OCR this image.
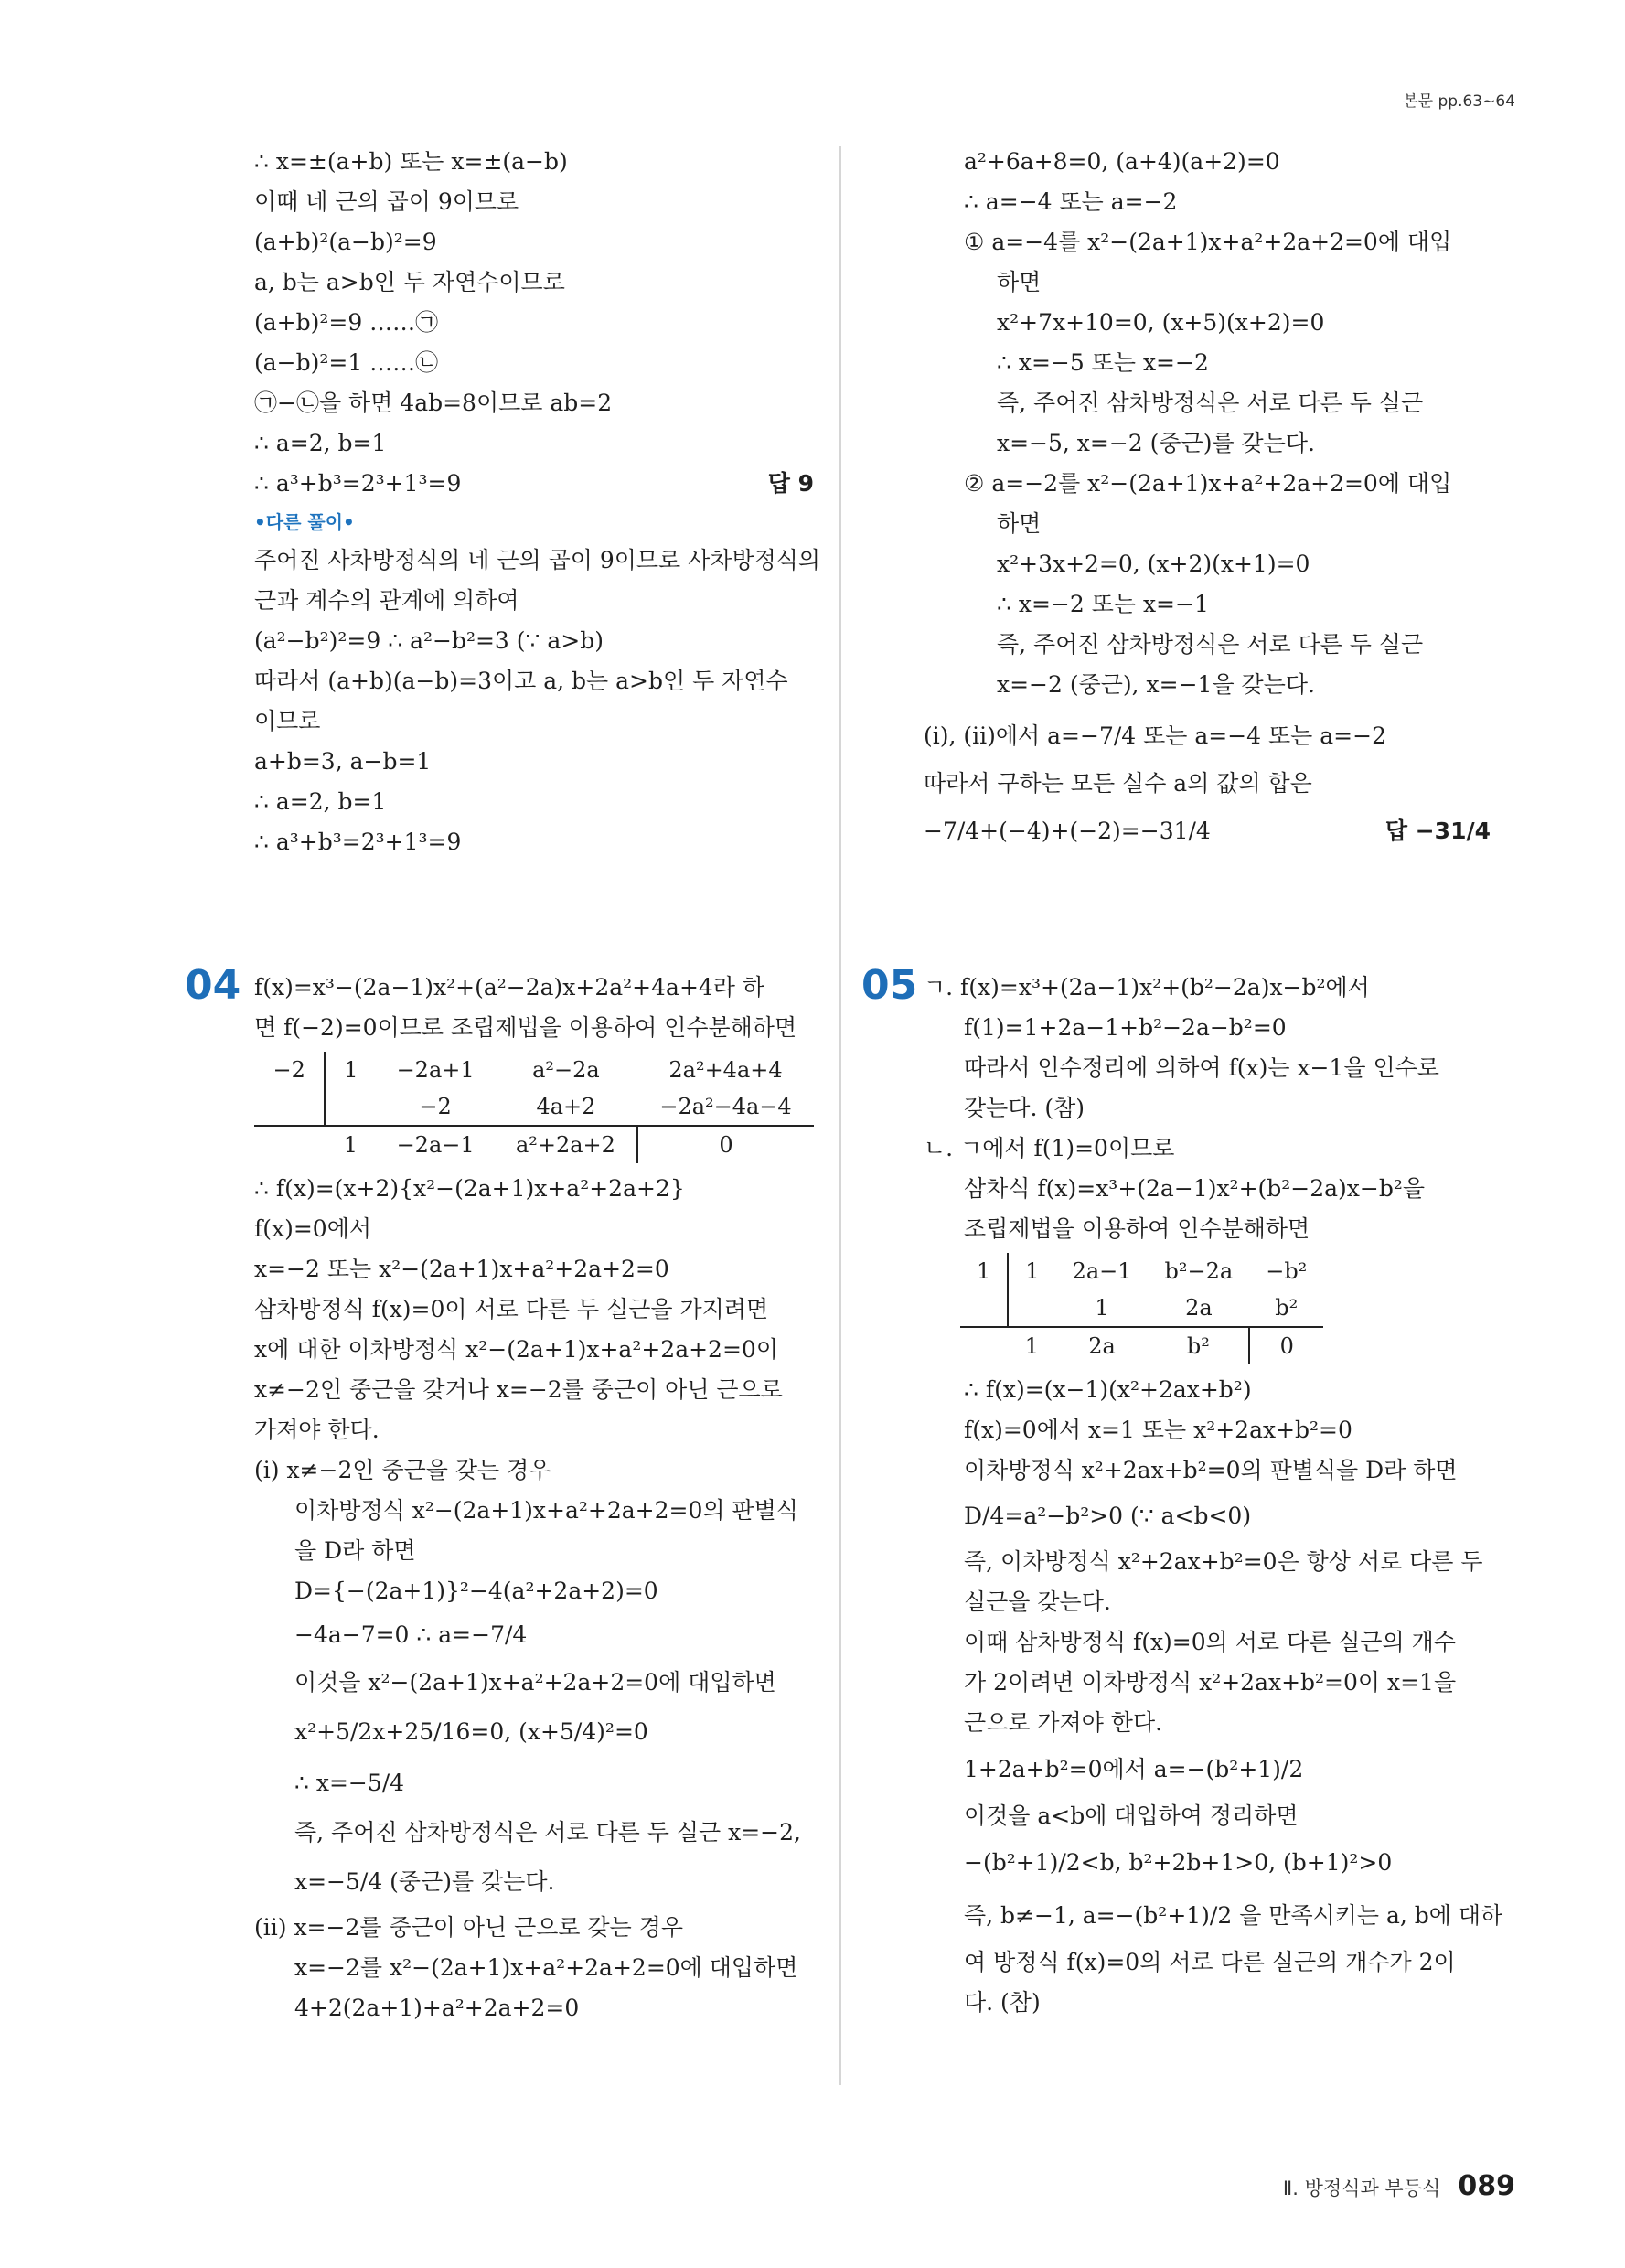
본문 pp.63~64
∴ x=±(a+b) 또는 x=±(a−b)
이때 네 근의 곱이 9이므로
(a+b)²(a−b)²=9
a, b는 a>b인 두 자연수이므로
(a+b)²=9 ……㉠
(a−b)²=1 ……㉡
㉠−㉡을 하면 4ab=8이므로 ab=2
∴ a=2, b=1
∴ a³+b³=2³+1³=9	답 9
•다른 풀이•
주어진 사차방정식의 네 근의 곱이 9이므로 사차방정식의
근과 계수의 관계에 의하여
(a²−b²)²=9 ∴ a²−b²=3 (∵ a>b)
따라서 (a+b)(a−b)=3이고 a, b는 a>b인 두 자연수
이므로
a+b=3, a−b=1
∴ a=2, b=1
∴ a³+b³=2³+1³=9
a²+6a+8=0, (a+4)(a+2)=0
∴ a=−4 또는 a=−2
① a=−4를 x²−(2a+1)x+a²+2a+2=0에 대입
하면
x²+7x+10=0, (x+5)(x+2)=0
∴ x=−5 또는 x=−2
즉, 주어진 삼차방정식은 서로 다른 두 실근
x=−5, x=−2 (중근)를 갖는다.
② a=−2를 x²−(2a+1)x+a²+2a+2=0에 대입
하면
x²+3x+2=0, (x+2)(x+1)=0
∴ x=−2 또는 x=−1
즉, 주어진 삼차방정식은 서로 다른 두 실근
x=−2 (중근), x=−1을 갖는다.
(i), (ii)에서 a=−7/4 또는 a=−4 또는 a=−2
따라서 구하는 모든 실수 a의 값의 합은
−7/4+(−4)+(−2)=−31/4	답 −31/4
04 f(x)=x³−(2a−1)x²+(a²−2a)x+2a²+4a+4라 하
면 f(−2)=0이므로 조립제법을 이용하여 인수분해하면
−2	1	−2a+1	a²−2a	2a²+4a+4
		−2	4a+2	−2a²−4a−4
	1	−2a−1	a²+2a+2	0
∴ f(x)=(x+2){x²−(2a+1)x+a²+2a+2}
f(x)=0에서
x=−2 또는 x²−(2a+1)x+a²+2a+2=0
삼차방정식 f(x)=0이 서로 다른 두 실근을 가지려면
x에 대한 이차방정식 x²−(2a+1)x+a²+2a+2=0이
x≠−2인 중근을 갖거나 x=−2를 중근이 아닌 근으로
가져야 한다.
(i) x≠−2인 중근을 갖는 경우
이차방정식 x²−(2a+1)x+a²+2a+2=0의 판별식
을 D라 하면
D={−(2a+1)}²−4(a²+2a+2)=0
−4a−7=0 ∴ a=−7/4
이것을 x²−(2a+1)x+a²+2a+2=0에 대입하면
x²+5/2x+25/16=0, (x+5/4)²=0
∴ x=−5/4
즉, 주어진 삼차방정식은 서로 다른 두 실근 x=−2,
x=−5/4 (중근)를 갖는다.
(ii) x=−2를 중근이 아닌 근으로 갖는 경우
x=−2를 x²−(2a+1)x+a²+2a+2=0에 대입하면
4+2(2a+1)+a²+2a+2=0
05 ㄱ. f(x)=x³+(2a−1)x²+(b²−2a)x−b²에서
f(1)=1+2a−1+b²−2a−b²=0
따라서 인수정리에 의하여 f(x)는 x−1을 인수로
갖는다. (참)
ㄴ. ㄱ에서 f(1)=0이므로
삼차식 f(x)=x³+(2a−1)x²+(b²−2a)x−b²을
조립제법을 이용하여 인수분해하면
1	1	2a−1	b²−2a	−b²
		1	2a	b²
	1	2a	b²	0
∴ f(x)=(x−1)(x²+2ax+b²)
f(x)=0에서 x=1 또는 x²+2ax+b²=0
이차방정식 x²+2ax+b²=0의 판별식을 D라 하면
D/4=a²−b²>0 (∵ a<b<0)
즉, 이차방정식 x²+2ax+b²=0은 항상 서로 다른 두
실근을 갖는다.
이때 삼차방정식 f(x)=0의 서로 다른 실근의 개수
가 2이려면 이차방정식 x²+2ax+b²=0이 x=1을
근으로 가져야 한다.
1+2a+b²=0에서 a=−(b²+1)/2
이것을 a<b에 대입하여 정리하면
−(b²+1)/2<b, b²+2b+1>0, (b+1)²>0
즉, b≠−1, a=−(b²+1)/2 을 만족시키는 a, b에 대하
여 방정식 f(x)=0의 서로 다른 실근의 개수가 2이
다. (참)
Ⅱ. 방정식과 부등식 089
